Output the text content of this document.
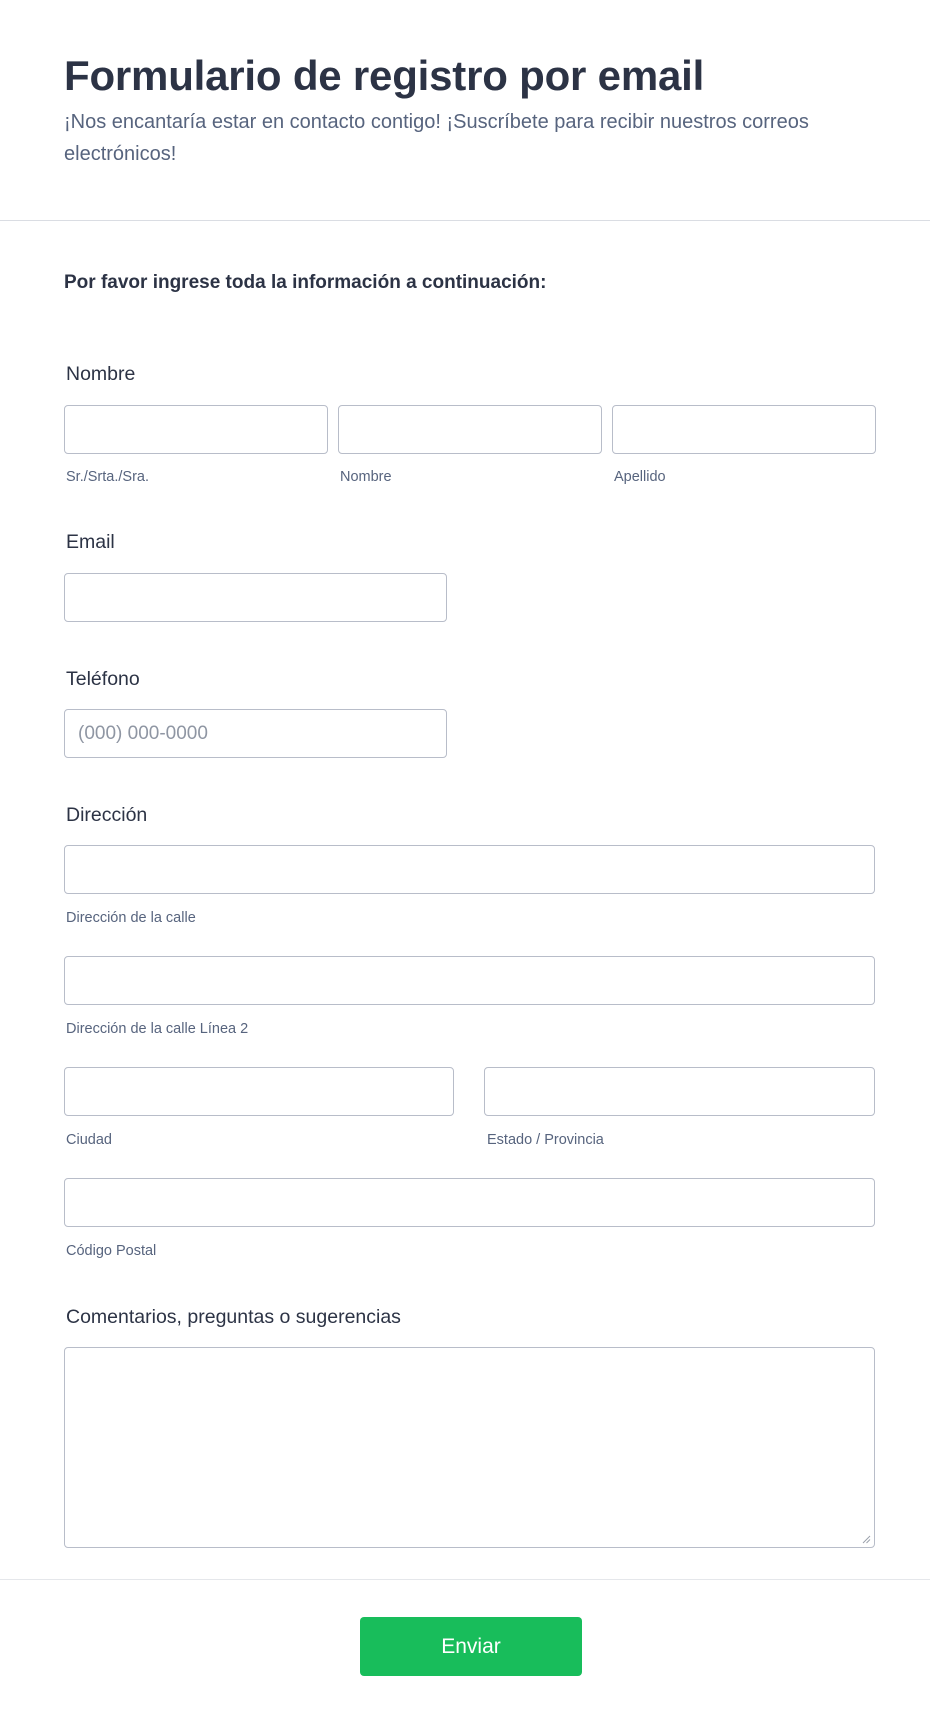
Formulario de registro por email

¡Nos encantaría estar en contacto contigo! ¡Suscríbete para recibir nuestros correos electrónicos!

Por favor ingrese toda la información a continuación:
Nombre
Sr./Srta./Sra.	Nombre	Apellido
Email
Teléfono
(000) 000-0000
Dirección
Dirección de la calle
Dirección de la calle Línea 2
Ciudad	Estado / Provincia
Código Postal
Comentarios, preguntas o sugerencias
Enviar
